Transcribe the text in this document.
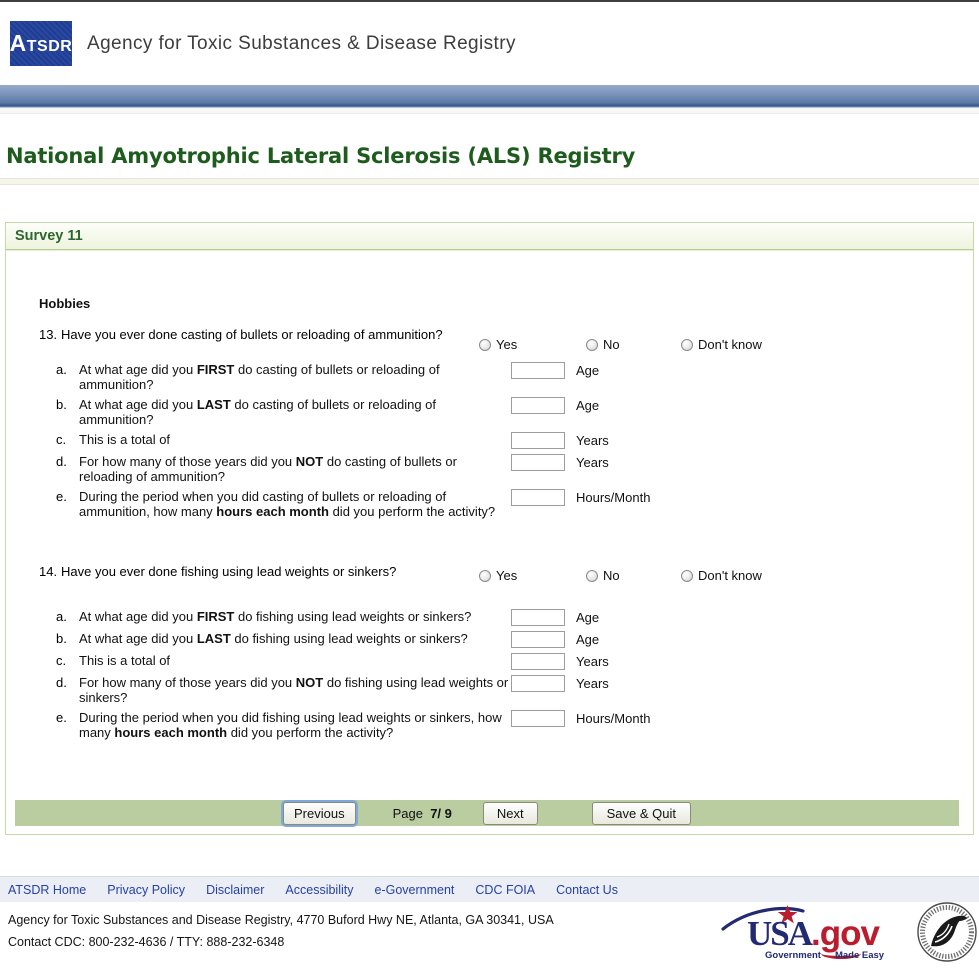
ATSDR Agency for Toxic Substances & Disease Registry
National Amyotrophic Lateral Sclerosis (ALS) Registry
Survey 11
Hobbies
13. Have you ever done casting of bullets or reloading of ammunition?
Yes	No	Don't know
a. At what age did you FIRST do casting of bullets or reloading of ammunition?
Age
b. At what age did you LAST do casting of bullets or reloading of ammunition?
Age
c. This is a total of	Years
d. For how many of those years did you NOT do casting of bullets or reloading of ammunition?
Years
e. During the period when you did casting of bullets or reloading of ammunition, how many hours each month did you perform the activity?
Hours/Month
14. Have you ever done fishing using lead weights or sinkers?	Yes	No	Don't know
a. At what age did you FIRST do fishing using lead weights or sinkers?	Age
b. At what age did you LAST do fishing using lead weights or sinkers?	Age
c. This is a total of	Years
d. For how many of those years did you NOT do fishing using lead weights or sinkers?
Years
e. During the period when you did fishing using lead weights or sinkers, how many hours each month did you perform the activity?
Hours/Month
Previous	Page 7/ 9	Next	Save & Quit
ATSDR Home Privacy Policy Disclaimer Accessibility e-Government CDC FOIA Contact Us
Agency for Toxic Substances and Disease Registry, 4770 Buford Hwy NE, Atlanta, GA 30341, USA
Contact CDC: 800-232-4636 / TTY: 888-232-6348	USA.gov
Government Made Easy
